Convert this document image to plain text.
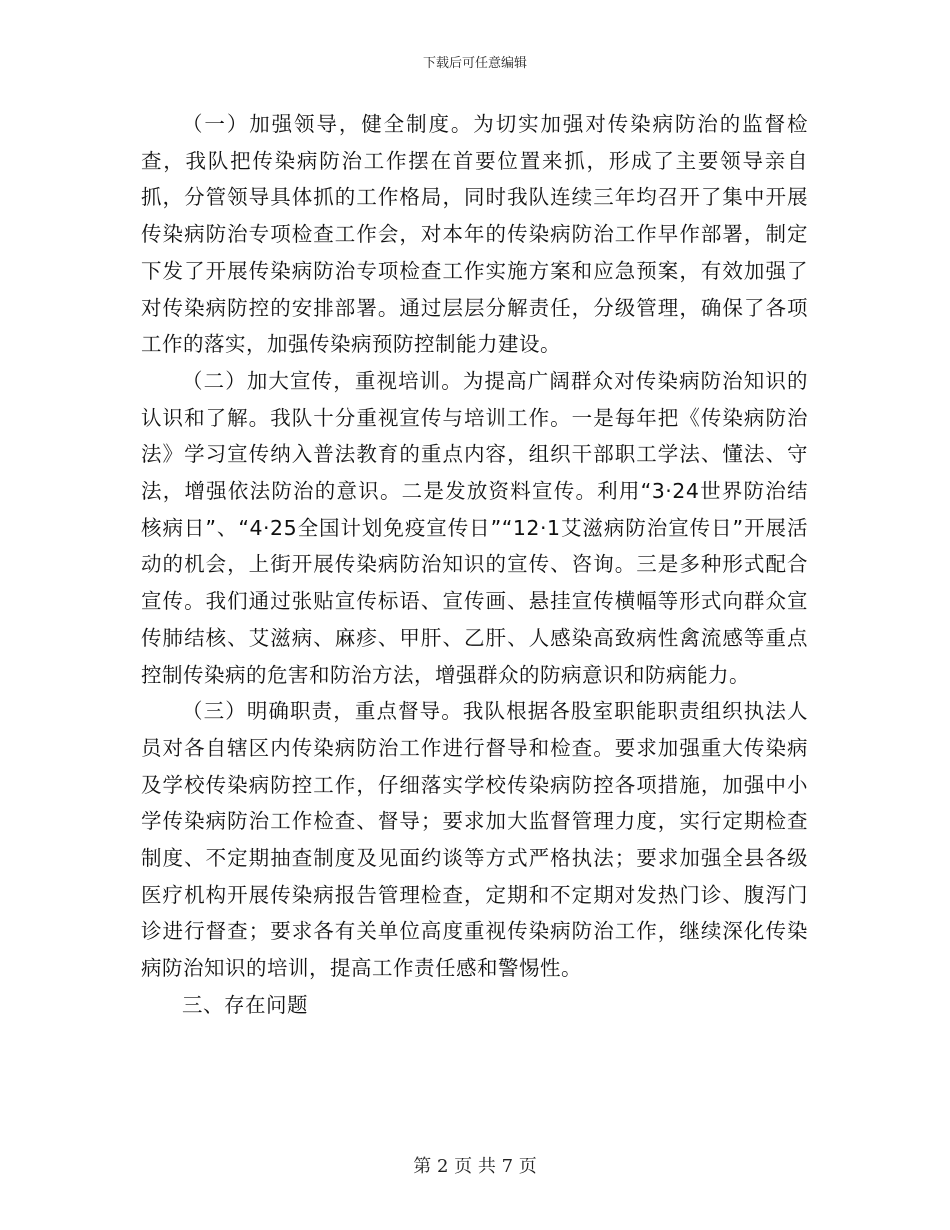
下载后可任意编辑

（一）加强领导，健全制度。为切实加强对传染病防治的监督检查，我队把传染病防治工作摆在首要位置来抓，形成了主要领导亲自抓，分管领导具体抓的工作格局，同时我队连续三年均召开了集中开展传染病防治专项检查工作会，对本年的传染病防治工作早作部署，制定下发了开展传染病防治专项检查工作实施方案和应急预案，有效加强了对传染病防控的安排部署。通过层层分解责任，分级管理，确保了各项工作的落实，加强传染病预防控制能力建设。

（二）加大宣传，重视培训。为提高广阔群众对传染病防治知识的认识和了解。我队十分重视宣传与培训工作。一是每年把《传染病防治法》学习宣传纳入普法教育的重点内容，组织干部职工学法、懂法、守法，增强依法防治的意识。二是发放资料宣传。利用“3·24世界防治结核病日”、“4·25全国计划免疫宣传日”“12·1艾滋病防治宣传日”开展活动的机会，上街开展传染病防治知识的宣传、咨询。三是多种形式配合宣传。我们通过张贴宣传标语、宣传画、悬挂宣传横幅等形式向群众宣传肺结核、艾滋病、麻疹、甲肝、乙肝、人感染高致病性禽流感等重点控制传染病的危害和防治方法，增强群众的防病意识和防病能力。

（三）明确职责，重点督导。我队根据各股室职能职责组织执法人员对各自辖区内传染病防治工作进行督导和检查。要求加强重大传染病及学校传染病防控工作，仔细落实学校传染病防控各项措施，加强中小学传染病防治工作检查、督导；要求加大监督管理力度，实行定期检查制度、不定期抽查制度及见面约谈等方式严格执法；要求加强全县各级医疗机构开展传染病报告管理检查，定期和不定期对发热门诊、腹泻门诊进行督查；要求各有关单位高度重视传染病防治工作，继续深化传染病防治知识的培训，提高工作责任感和警惕性。

三、存在问题

第 2 页 共 7 页
